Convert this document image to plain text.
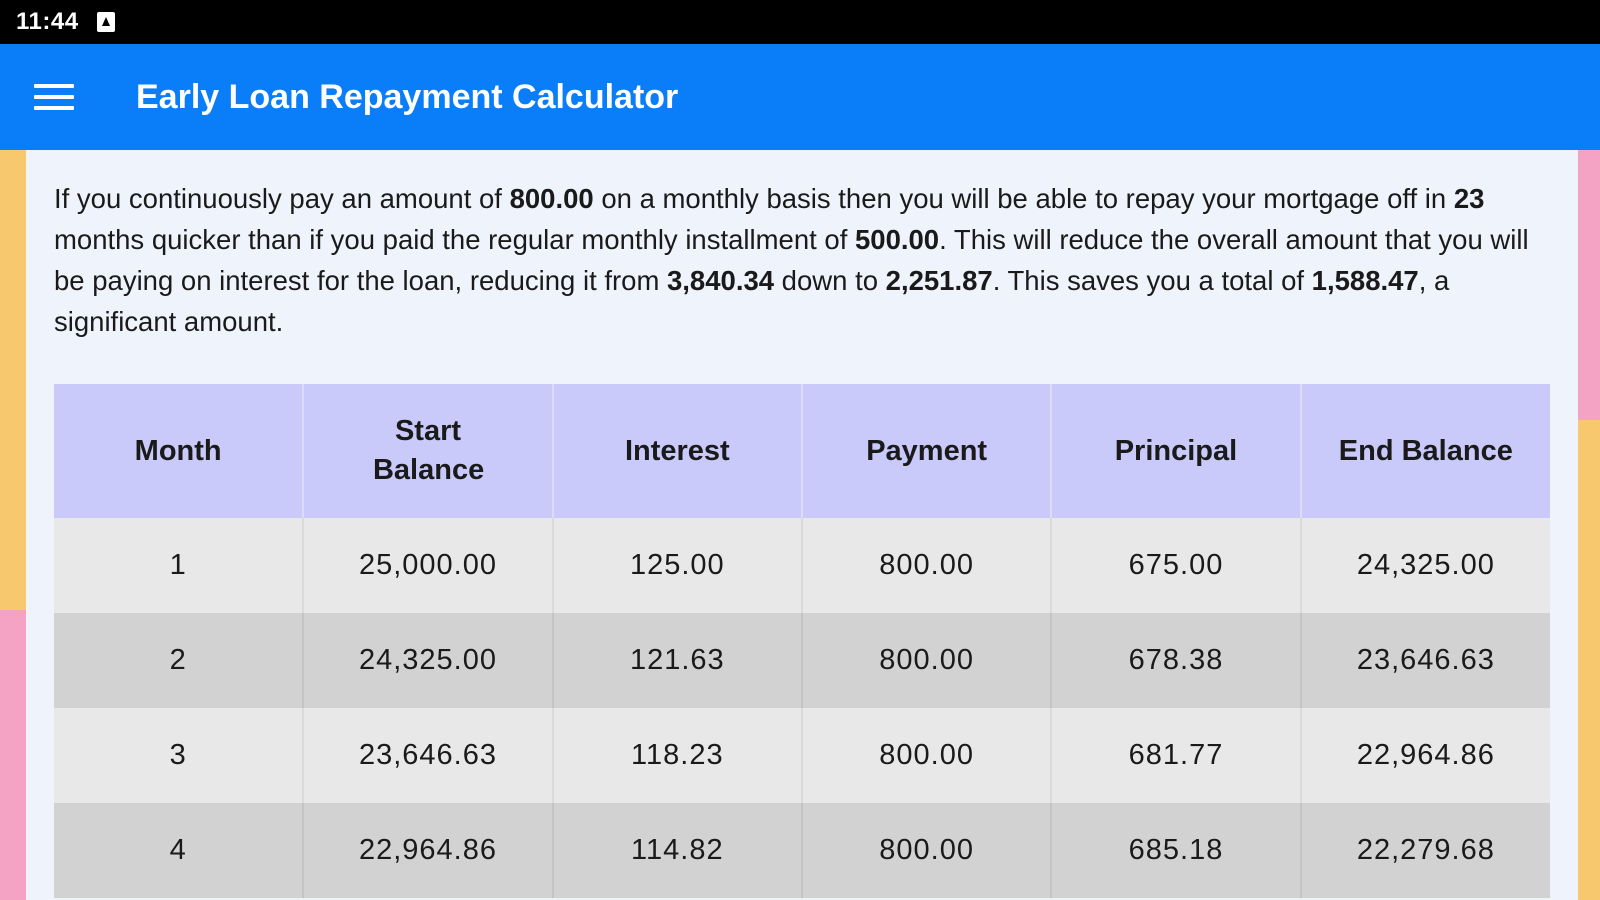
11:44
Early Loan Repayment Calculator

If you continuously pay an amount of 800.00 on a monthly basis then you will be able to repay your mortgage off in 23 months quicker than if you paid the regular monthly installment of 500.00. This will reduce the overall amount that you will be paying on interest for the loan, reducing it from 3,840.34 down to 2,251.87. This saves you a total of 1,588.47, a significant amount.

Month	Start Balance	Interest	Payment	Principal	End Balance
1	25,000.00	125.00	800.00	675.00	24,325.00
2	24,325.00	121.63	800.00	678.38	23,646.63
3	23,646.63	118.23	800.00	681.77	22,964.86
4	22,964.86	114.82	800.00	685.18	22,279.68
